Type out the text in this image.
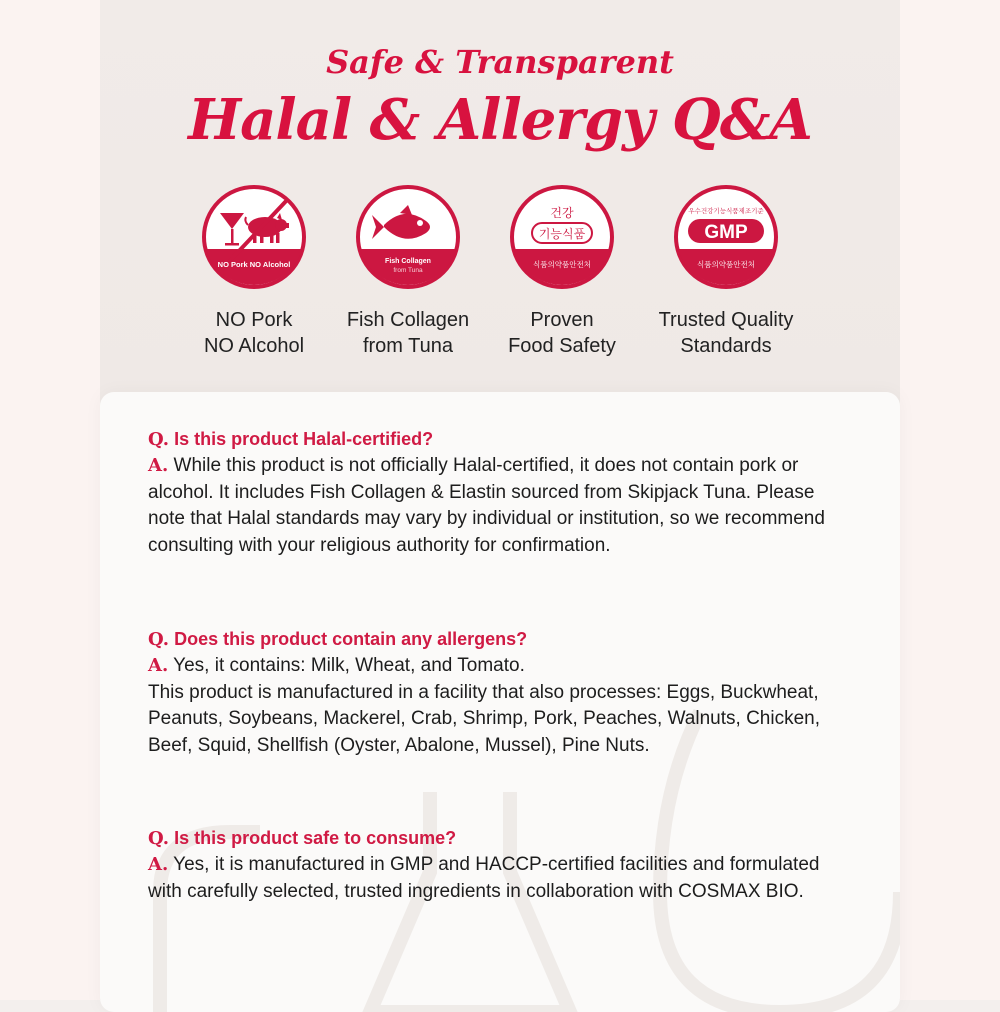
Safe & Transparent

Halal & Allergy Q&A
NO Pork NO Alcohol
NO Pork
NO Alcohol
Fish Collagen
from Tuna
Fish Collagen
from Tuna
건강
기능식품
식품의약품안전처
Proven
Food Safety
우수건강기능식품제조기준
GMP
식품의약품안전처
Trusted Quality
Standards

Q. Is this product Halal-certified?

A. While this product is not officially Halal-certified, it does not contain pork or alcohol. It includes Fish Collagen & Elastin sourced from Skipjack Tuna. Please note that Halal standards may vary by individual or institution, so we recommend consulting with your religious authority for confirmation.

Q. Does this product contain any allergens?

A. Yes, it contains: Milk, Wheat, and Tomato.

This product is manufactured in a facility that also processes: Eggs, Buckwheat, Peanuts, Soybeans, Mackerel, Crab, Shrimp, Pork, Peaches, Walnuts, Chicken, Beef, Squid, Shellfish (Oyster, Abalone, Mussel), Pine Nuts.

Q. Is this product safe to consume?

A. Yes, it is manufactured in GMP and HACCP-certified facilities and formulated with carefully selected, trusted ingredients in collaboration with COSMAX BIO.
